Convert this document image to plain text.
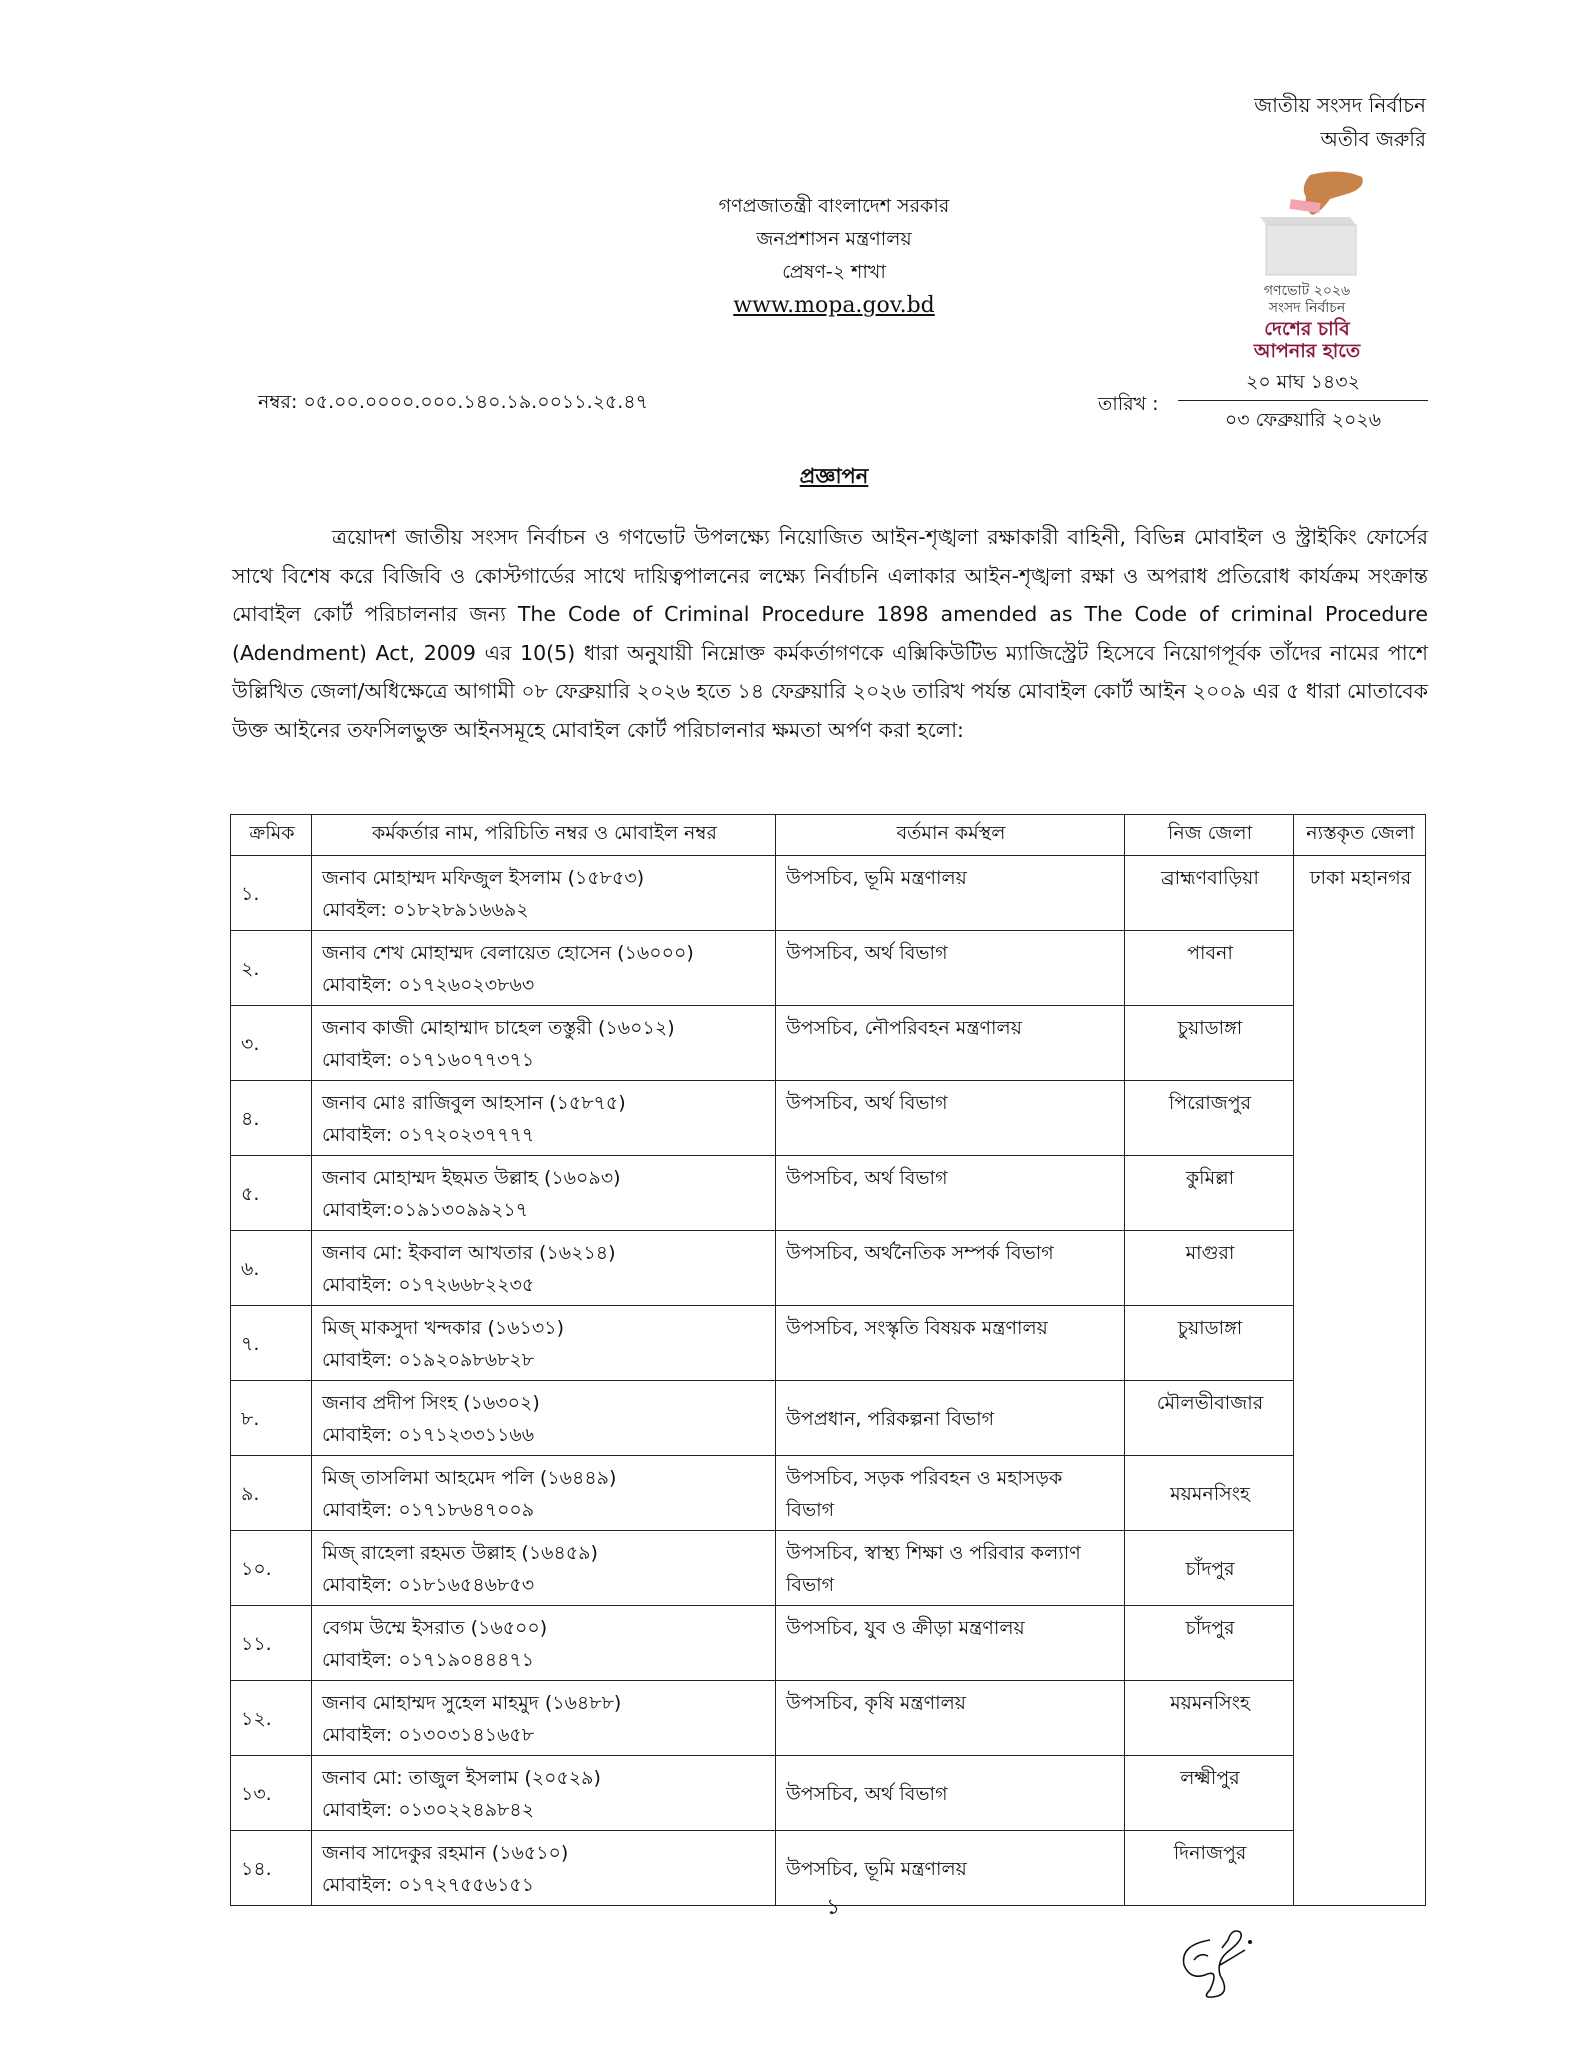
জাতীয় সংসদ নির্বাচন
অতীব জরুরি
গণপ্রজাতন্ত্রী বাংলাদেশ সরকার
জনপ্রশাসন মন্ত্রণালয়
প্রেষণ-২ শাখা
www.mopa.gov.bd
গণভোট ২০২৬
সংসদ নির্বাচন
দেশের চাবি
আপনার হাতে
নম্বর: ০৫.০০.০০০০.০০০.১৪০.১৯.০০১১.২৫.৪৭	তারিখ :
২০ মাঘ ১৪৩২
০৩ ফেব্রুয়ারি ২০২৬
প্রজ্ঞাপন
ত্রয়োদশ জাতীয় সংসদ নির্বাচন ও গণভোট উপলক্ষ্যে নিয়োজিত আইন-শৃঙ্খলা রক্ষাকারী বাহিনী, বিভিন্ন মোবাইল ও স্ট্রাইকিং ফোর্সের সাথে বিশেষ করে বিজিবি ও কোস্টগার্ডের সাথে দায়িত্বপালনের লক্ষ্যে নির্বাচনি এলাকার আইন-শৃঙ্খলা রক্ষা ও অপরাধ প্রতিরোধ কার্যক্রম সংক্রান্ত মোবাইল কোর্ট পরিচালনার জন্য The Code of Criminal Procedure 1898 amended as The Code of criminal Procedure (Adendment) Act, 2009 এর 10(5) ধারা অনুযায়ী নিম্নোক্ত কর্মকর্তাগণকে এক্সিকিউটিভ ম্যাজিস্ট্রেট হিসেবে নিয়োগপূর্বক তাঁদের নামের পাশে উল্লিখিত জেলা/অধিক্ষেত্রে আগামী ০৮ ফেব্রুয়ারি ২০২৬ হতে ১৪ ফেব্রুয়ারি ২০২৬ তারিখ পর্যন্ত মোবাইল কোর্ট আইন ২০০৯ এর ৫ ধারা মোতাবেক উক্ত আইনের তফসিলভুক্ত আইনসমূহে মোবাইল কোর্ট পরিচালনার ক্ষমতা অর্পণ করা হলো:
ক্রমিক	কর্মকর্তার নাম, পরিচিতি নম্বর ও মোবাইল নম্বর	বর্তমান কর্মস্থল	নিজ জেলা	ন্যস্তকৃত জেলা

১.	জনাব মোহাম্মদ মফিজুল ইসলাম (১৫৮৫৩)
মোবইল: ০১৮২৮৯১৬৬৯২	উপসচিব, ভূমি মন্ত্রণালয়	ব্রাহ্মণবাড়িয়া	ঢাকা মহানগর

২.	জনাব শেখ মোহাম্মদ বেলায়েত হোসেন (১৬০০০)
মোবাইল: ০১৭২৬০২৩৮৬৩	উপসচিব, অর্থ বিভাগ	পাবনা	

৩.	জনাব কাজী মোহাম্মাদ চাহেল তস্তুরী (১৬০১২)
মোবাইল: ০১৭১৬০৭৭৩৭১	উপসচিব, নৌপরিবহন মন্ত্রণালয়	চুয়াডাঙ্গা	

৪.	জনাব মোঃ রাজিবুল আহসান (১৫৮৭৫)
মোবাইল: ০১৭২০২৩৭৭৭৭	উপসচিব, অর্থ বিভাগ	পিরোজপুর	

৫.	জনাব মোহাম্মদ ইছমত উল্লাহ (১৬০৯৩)
মোবাইল:০১৯১৩০৯৯২১৭	উপসচিব, অর্থ বিভাগ	কুমিল্লা	

৬.	জনাব মো: ইকবাল আখতার (১৬২১৪)
মোবাইল: ০১৭২৬৬৮২২৩৫	উপসচিব, অর্থনৈতিক সম্পর্ক বিভাগ	মাগুরা	

৭.	মিজ্ মাকসুদা খন্দকার (১৬১৩১)
মোবাইল: ০১৯২০৯৮৬৮২৮	উপসচিব, সংস্কৃতি বিষয়ক মন্ত্রণালয়	চুয়াডাঙ্গা	

৮.	জনাব প্রদীপ সিংহ (১৬৩০২)
মোবাইল: ০১৭১২৩৩১১৬৬	উপপ্রধান, পরিকল্পনা বিভাগ	মৌলভীবাজার	

৯.	মিজ্ তাসলিমা আহমেদ পলি (১৬৪৪৯)
মোবাইল: ০১৭১৮৬৪৭০০৯	উপসচিব, সড়ক পরিবহন ও মহাসড়ক বিভাগ	ময়মনসিংহ	

১০.	মিজ্ রাহেলা রহমত উল্লাহ (১৬৪৫৯)
মোবাইল: ০১৮১৬৫৪৬৮৫৩	উপসচিব, স্বাস্থ্য শিক্ষা ও পরিবার কল্যাণ বিভাগ	চাঁদপুর	

১১.	বেগম উম্মে ইসরাত (১৬৫০০)
মোবাইল: ০১৭১৯০৪৪৪৭১	উপসচিব, যুব ও ক্রীড়া মন্ত্রণালয়	চাঁদপুর	

১২.	জনাব মোহাম্মদ সুহেল মাহমুদ (১৬৪৮৮)
মোবাইল: ০১৩০৩১৪১৬৫৮	উপসচিব, কৃষি মন্ত্রণালয়	ময়মনসিংহ	

১৩.	জনাব মো: তাজুল ইসলাম (২০৫২৯)
মোবাইল: ০১৩০২২৪৯৮৪২	উপসচিব, অর্থ বিভাগ	লক্ষ্মীপুর	

১৪.	জনাব সাদেকুর রহমান (১৬৫১০)
মোবাইল: ০১৭২৭৫৫৬১৫১	উপসচিব, ভূমি মন্ত্রণালয়	দিনাজপুর	
১
